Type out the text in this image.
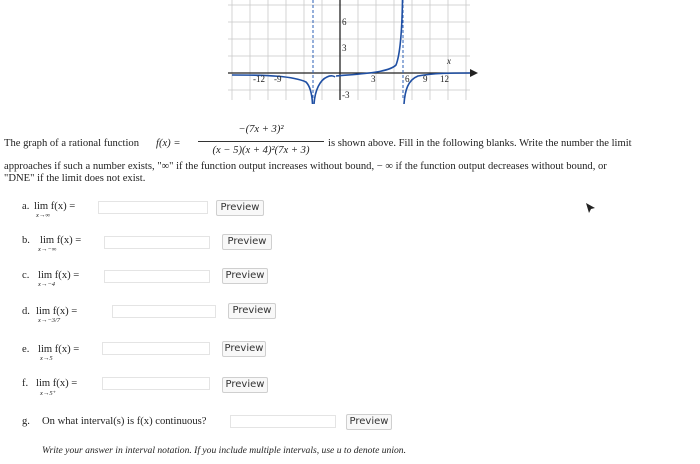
-12 -9	3	6 9 12
6
3
-3
x
The graph of a rational function f(x) =
−(7x + 3)²
(x − 5)(x + 4)²(7x + 3)
is shown above. Fill in the following blanks. Write the number the limit
approaches if such a number exists, "∞" if the function output increases without bound, − ∞ if the function output decreases without bound, or
"DNE" if the limit does not exist.
a. lim f(x) =
x→∞
Preview
b. lim f(x) =
x→−∞
Preview
c. lim f(x) =
x→−4
Preview
d. lim f(x) =
x→−3/7
Preview
e. lim f(x) =
x→5
Preview
f. lim f(x) =
x→5⁺
Preview
g. On what interval(s) is f(x) continuous?	Preview
Write your answer in interval notation. If you include multiple intervals, use u to denote union.
